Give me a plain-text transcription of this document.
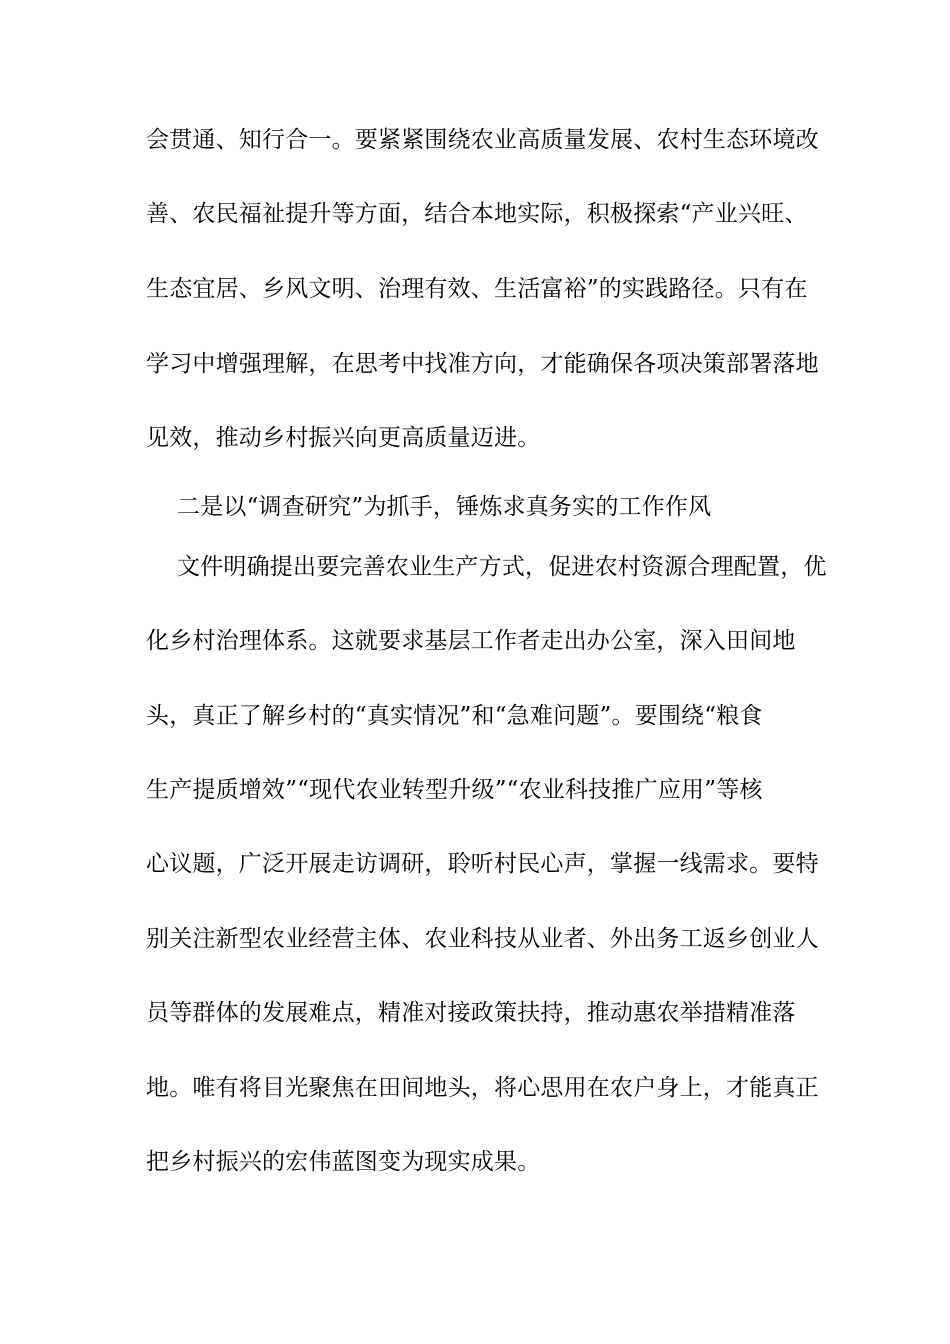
会贯通、知行合一。要紧紧围绕农业高质量发展、农村生态环境改
善、农民福祉提升等方面，结合本地实际，积极探索“产业兴旺、
生态宜居、乡风文明、治理有效、生活富裕”的实践路径。只有在
学习中增强理解，在思考中找准方向，才能确保各项决策部署落地
见效，推动乡村振兴向更高质量迈进。
二是以“调查研究”为抓手，锤炼求真务实的工作作风
文件明确提出要完善农业生产方式，促进农村资源合理配置，优
化乡村治理体系。这就要求基层工作者走出办公室，深入田间地
头，真正了解乡村的“真实情况”和“急难问题”。要围绕“粮食
生产提质增效”“现代农业转型升级”“农业科技推广应用”等核
心议题，广泛开展走访调研，聆听村民心声，掌握一线需求。要特
别关注新型农业经营主体、农业科技从业者、外出务工返乡创业人
员等群体的发展难点，精准对接政策扶持，推动惠农举措精准落
地。唯有将目光聚焦在田间地头，将心思用在农户身上，才能真正
把乡村振兴的宏伟蓝图变为现实成果。
